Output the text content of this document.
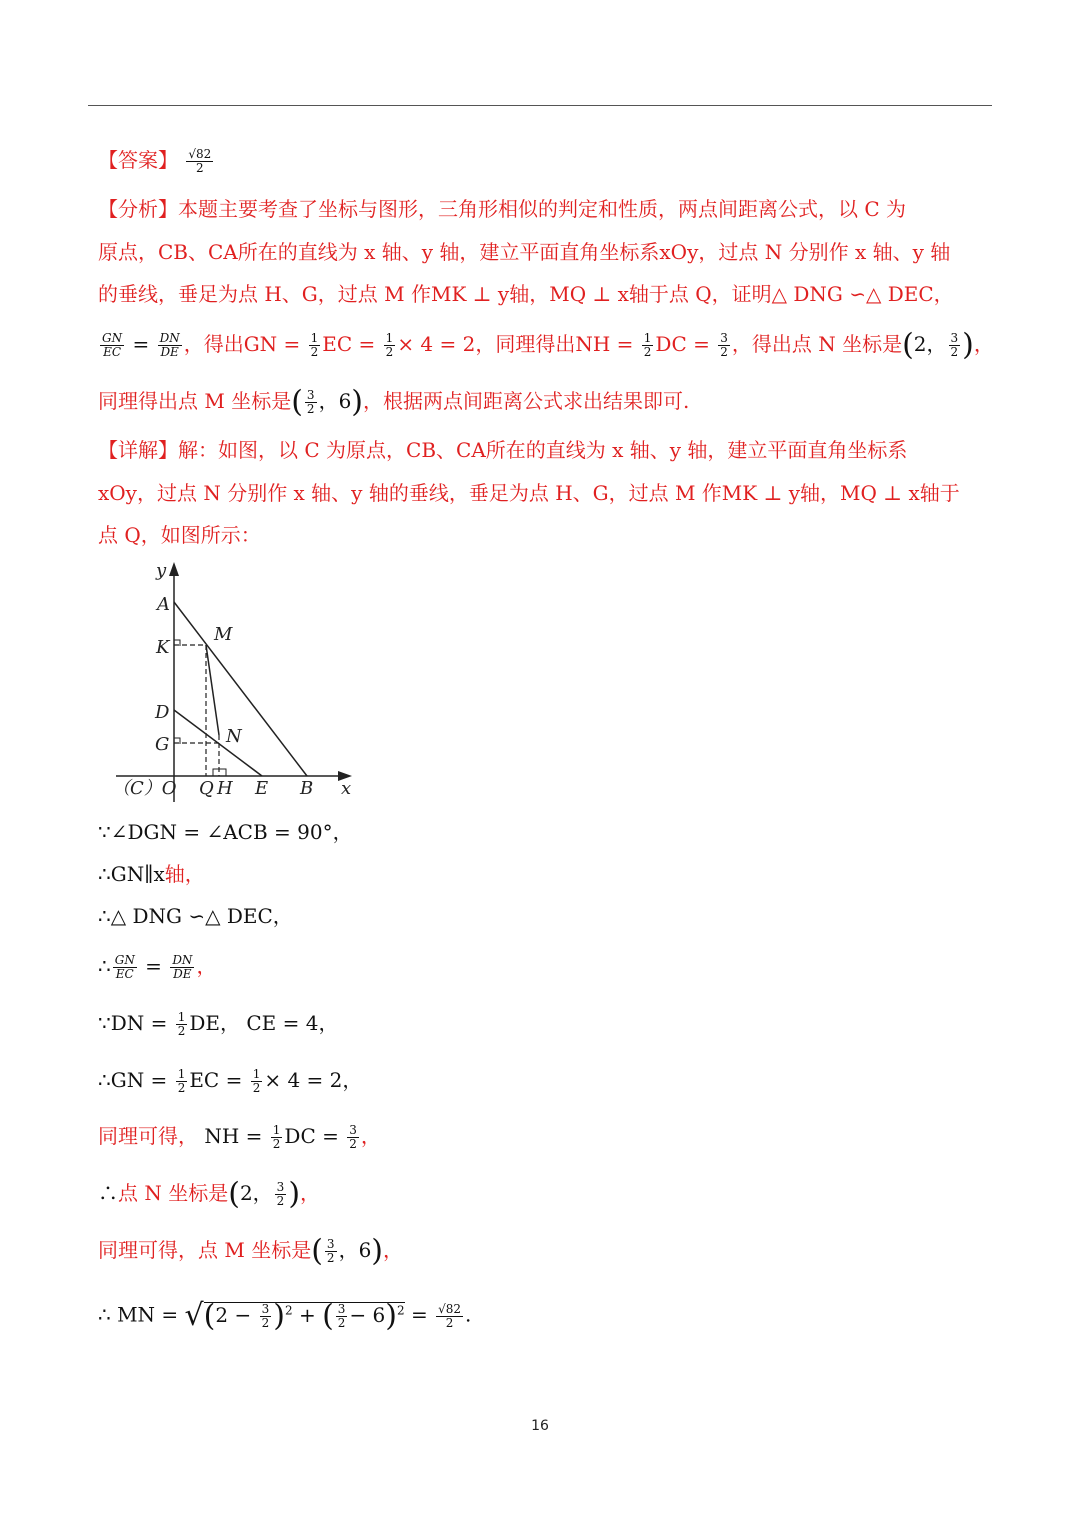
【答案】 $\frac{√82}{2}$
【分析】本题主要考查了坐标与图形，三角形相似的判定和性质，两点间距离公式，以 C 为
原点，CB、CA所在的直线为 x 轴、y 轴，建立平面直角坐标系xOy，过点 N 分别作 x 轴、y 轴
的垂线，垂足为点 H、G，过点 M 作MK ⊥ y轴，MQ ⊥ x轴于点 Q，证明△ DNG ∽△ DEC，
$\frac{GN}{EC} = \frac{DN}{DE}$ ，得出GN = $\frac{1}{2}$ EC = $\frac{1}{2} \times 4 = 2$，同理得出NH = $\frac{1}{2}$ DC = $\frac{3}{2}$ ，得出点 N 坐标是(2， $\frac{3}{2}$ )，
同理得出点 M 坐标是( $\frac{3}{2}$ ，6)，根据两点间距离公式求出结果即可.
【详解】解：如图，以 C 为原点，CB、CA所在的直线为 x 轴、y 轴，建立平面直角坐标系
xOy，过点 N 分别作 x 轴、y 轴的垂线，垂足为点 H、G，过点 M 作MK ⊥ y轴，MQ ⊥ x轴于
点 Q，如图所示：
y
A
M
K
D
G	N
（C）O Q H E B x
∵∠DGN = ∠ACB = 90°，
∴GN∥x轴，
∴△ DNG ∽△ DEC，
∴ $\frac{GN}{EC} = \frac{DN}{DE}$ ，
∵DN = $\frac{1}{2}$ DE， CE = 4，
∴GN = $\frac{1}{2}$ EC = $\frac{1}{2} \times 4 = 2$，
同理可得， NH = $\frac{1}{2}$ DC = $\frac{3}{2}$ ，
∴点 N 坐标是(2， $\frac{3}{2}$ )，
同理可得，点 M 坐标是( $\frac{3}{2}$ ，6)，
∴ MN = $√(2 - \frac{3}{2} )^2$ + ( $\frac{3}{2} - 6)^2 = \frac{√82}{2}$ .
16
